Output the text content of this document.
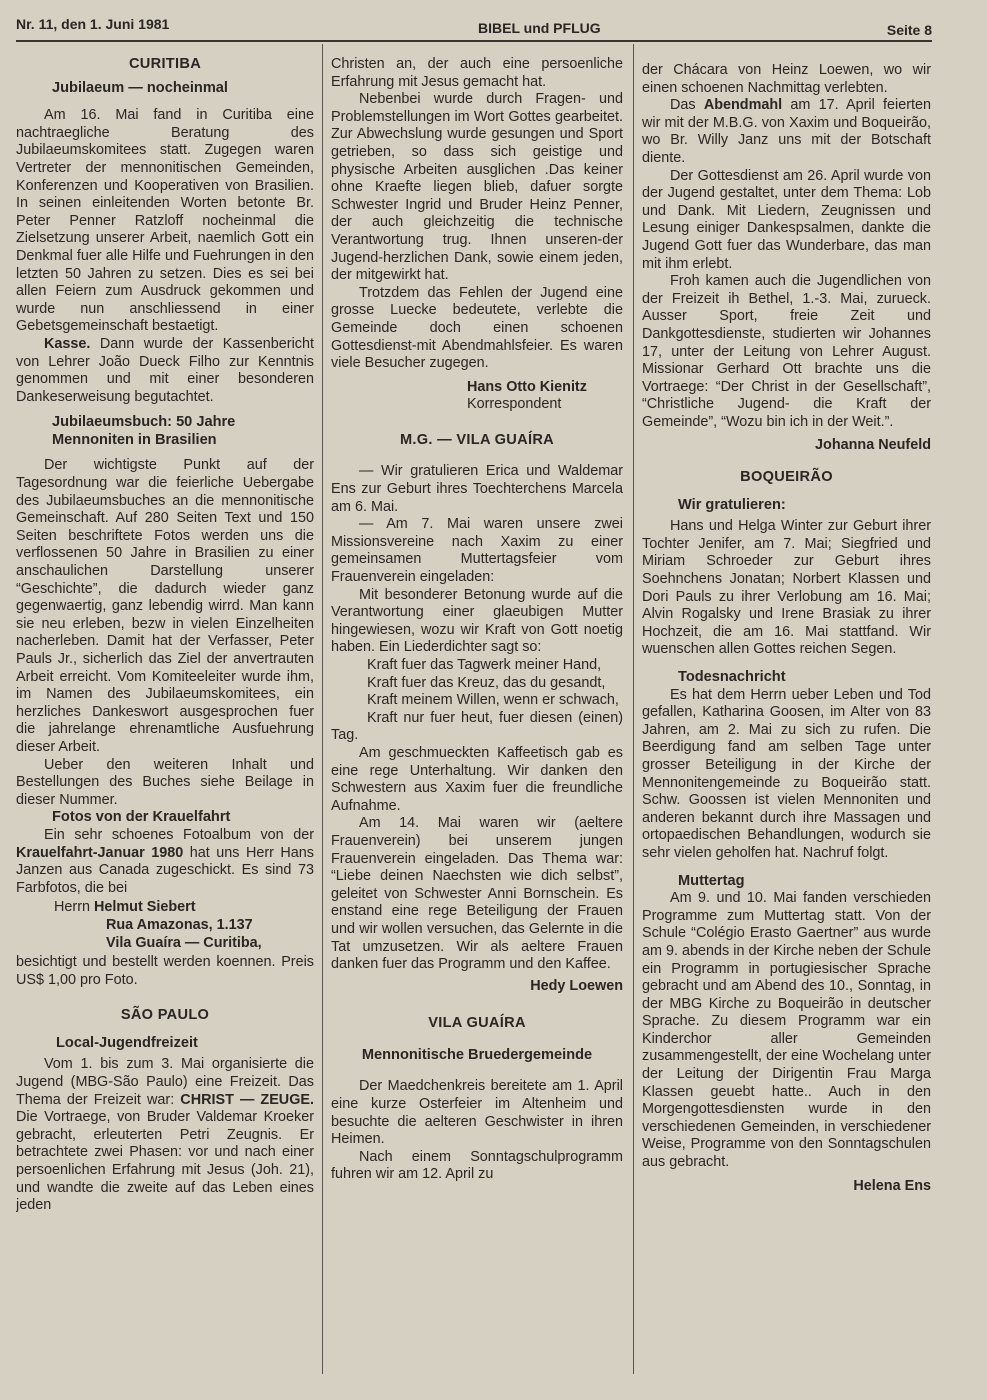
Nr. 11, den 1. Juni 1981	BIBEL und PFLUG	Seite 8
CURITIBA
Jubilaeum — nocheinmal

Am 16. Mai fand in Curitiba eine nachtraegliche Beratung des Jubilaeumskomitees statt. Zugegen waren Vertreter der mennonitischen Gemeinden, Konferenzen und Kooperativen von Brasilien. In seinen einleitenden Worten betonte Br. Peter Penner Ratzloff nocheinmal die Zielsetzung unserer Arbeit, naemlich Gott ein Denkmal fuer alle Hilfe und Fuehrungen in den letzten 50 Jahren zu setzen. Dies es sei bei allen Feiern zum Ausdruck gekommen und wurde nun anschliessend in einer Gebetsgemeinschaft bestaetigt.

Kasse. Dann wurde der Kassenbericht von Lehrer João Dueck Filho zur Kenntnis genommen und mit einer besonderen Dankeserweisung begutachtet.

Jubilaeumsbuch: 50 Jahre Mennoniten in Brasilien

Der wichtigste Punkt auf der Tagesordnung war die feierliche Uebergabe des Jubilaeumsbuches an die mennonitische Gemeinschaft. Auf 280 Seiten Text und 150 Seiten beschriftete Fotos werden uns die verflossenen 50 Jahre in Brasilien zu einer anschaulichen Darstellung unserer “Geschichte”, die dadurch wieder ganz gegenwaertig, ganz lebendig wirrd. Man kann sie neu erleben, bezw in vielen Einzelheiten nacherleben. Damit hat der Verfasser, Peter Pauls Jr., sicherlich das Ziel der anvertrauten Arbeit erreicht. Vom Komiteeleiter wurde ihm, im Namen des Jubilaeumskomitees, ein herzliches Dankeswort ausgesprochen fuer die jahrelange ehrenamtliche Ausfuehrung dieser Arbeit.

Ueber den weiteren Inhalt und Bestellungen des Buches siehe Beilage in dieser Nummer.

Fotos von der Krauelfahrt

Ein sehr schoenes Fotoalbum von der Krauelfahrt-Januar 1980 hat uns Herr Hans Janzen aus Canada zugeschickt. Es sind 73 Farbfotos, die bei

Herrn Helmut Siebert
Rua Amazonas, 1.137
Vila Guaíra — Curitiba,

besichtigt und bestellt werden koennen. Preis US$ 1,00 pro Foto.

SÃO PAULO
Local-Jugendfreizeit

Vom 1. bis zum 3. Mai organisierte die Jugend (MBG-São Paulo) eine Freizeit. Das Thema der Freizeit war: CHRIST — ZEUGE. Die Vortraege, von Bruder Valdemar Kroeker gebracht, erleuterten Petri Zeugnis. Er betrachtete zwei Phasen: vor und nach einer persoenlichen Erfahrung mit Jesus (Joh. 21), und wandte die zweite auf das Leben eines jeden

Christen an, der auch eine persoenliche Erfahrung mit Jesus gemacht hat.

Nebenbei wurde durch Fragen- und Problemstellungen im Wort Gottes gearbeitet. Zur Abwechslung wurde gesungen und Sport getrieben, so dass sich geistige und physische Arbeiten ausglichen .Das keiner ohne Kraefte liegen blieb, dafuer sorgte Schwester Ingrid und Bruder Heinz Penner, der auch gleichzeitig die technische Verantwortung trug. Ihnen unseren-der Jugend-herzlichen Dank, sowie einem jeden, der mitgewirkt hat.

Trotzdem das Fehlen der Jugend eine grosse Luecke bedeutete, verlebte die Gemeinde doch einen schoenen Gottesdienst-mit Abendmahlsfeier. Es waren viele Besucher zugegen.

Hans Otto Kienitz
Korrespondent
M.G. — VILA GUAÍRA

— Wir gratulieren Erica und Waldemar Ens zur Geburt ihres Toechterchens Marcela am 6. Mai.

— Am 7. Mai waren unsere zwei Missionsvereine nach Xaxim zu einer gemeinsamen Muttertagsfeier vom Frauenverein eingeladen:

Mit besonderer Betonung wurde auf die Verantwortung einer glaeubigen Mutter hingewiesen, wozu wir Kraft von Gott noetig haben. Ein Liederdichter sagt so:

Kraft fuer das Tagwerk meiner Hand,

Kraft fuer das Kreuz, das du gesandt,

Kraft meinem Willen, wenn er schwach,

Kraft nur fuer heut, fuer diesen (einen) Tag.

Am geschmueckten Kaffeetisch gab es eine rege Unterhaltung. Wir danken den Schwestern aus Xaxim fuer die freundliche Aufnahme.

Am 14. Mai waren wir (aeltere Frauenverein) bei unserem jungen Frauenverein eingeladen. Das Thema war: “Liebe deinen Naechsten wie dich selbst”, geleitet von Schwester Anni Bornschein. Es enstand eine rege Beteiligung der Frauen und wir wollen versuchen, das Gelernte in die Tat umzusetzen. Wir als aeltere Frauen danken fuer das Programm und den Kaffee.

Hedy Loewen
VILA GUAÍRA
Mennonitische Bruedergemeinde

Der Maedchenkreis bereitete am 1. April eine kurze Osterfeier im Altenheim und besuchte die aelteren Geschwister in ihren Heimen.

Nach einem Sonntagschulprogramm fuhren wir am 12. April zu

der Chácara von Heinz Loewen, wo wir einen schoenen Nachmittag verlebten.

Das Abendmahl am 17. April feierten wir mit der M.B.G. von Xaxim und Boqueirão, wo Br. Willy Janz uns mit der Botschaft diente.

Der Gottesdienst am 26. April wurde von der Jugend gestaltet, unter dem Thema: Lob und Dank. Mit Liedern, Zeugnissen und Lesung einiger Dankespsalmen, dankte die Jugend Gott fuer das Wunderbare, das man mit ihm erlebt.

Froh kamen auch die Jugendlichen von der Freizeit ih Bethel, 1.-3. Mai, zurueck. Ausser Sport, freie Zeit und Dankgottesdienste, studierten wir Johannes 17, unter der Leitung von Lehrer August. Missionar Gerhard Ott brachte uns die Vortraege: “Der Christ in der Gesellschaft”, “Christliche Jugend- die Kraft der Gemeinde”, “Wozu bin ich in der Weit.”.

Johanna Neufeld
BOQUEIRÃO
Wir gratulieren:

Hans und Helga Winter zur Geburt ihrer Tochter Jenifer, am 7. Mai; Siegfried und Miriam Schroeder zur Geburt ihres Soehnchens Jonatan; Norbert Klassen und Dori Pauls zu ihrer Verlobung am 16. Mai; Alvin Rogalsky und Irene Brasiak zu ihrer Hochzeit, die am 16. Mai stattfand. Wir wuenschen allen Gottes reichen Segen.

Todesnachricht

Es hat dem Herrn ueber Leben und Tod gefallen, Katharina Goosen, im Alter von 83 Jahren, am 2. Mai zu sich zu rufen. Die Beerdigung fand am selben Tage unter grosser Beteiligung in der Kirche der Mennonitengemeinde zu Boqueirão statt. Schw. Goossen ist vielen Mennoniten und anderen bekannt durch ihre Massagen und ortopaedischen Behandlungen, wodurch sie sehr vielen geholfen hat. Nachruf folgt.

Muttertag

Am 9. und 10. Mai fanden verschieden Programme zum Muttertag statt. Von der Schule “Colégio Erasto Gaertner” aus wurde am 9. abends in der Kirche neben der Schule ein Programm in portugiesischer Sprache gebracht und am Abend des 10., Sonntag, in der MBG Kirche zu Boqueirão in deutscher Sprache. Zu diesem Programm war ein Kinderchor aller Gemeinden zusammengestellt, der eine Wochelang unter der Leitung der Dirigentin Frau Marga Klassen geuebt hatte.. Auch in den Morgengottesdiensten wurde in den verschiedenen Gemeinden, in verschiedener Weise, Programme von den Sonntagschulen aus gebracht.

Helena Ens
